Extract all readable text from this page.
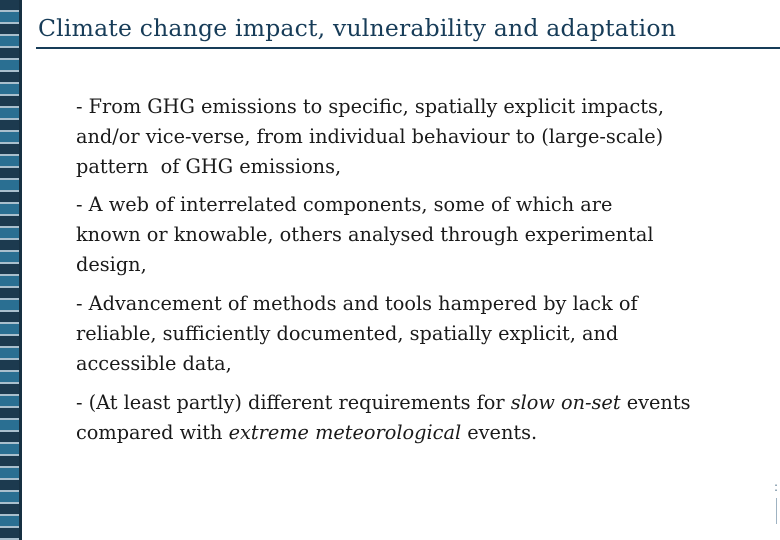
Climate change impact, vulnerability and adaptation
- From GHG emissions to specific, spatially explicit impacts,
and/or vice-verse, from individual behaviour to (large-scale)
pattern  of GHG emissions,
- A web of interrelated components, some of which are
known or knowable, others analysed through experimental
design,
- Advancement of methods and tools hampered by lack of
reliable, sufficiently documented, spatially explicit, and
accessible data,
- (At least partly) different requirements for slow on-set events
compared with extreme meteorological events.
:
